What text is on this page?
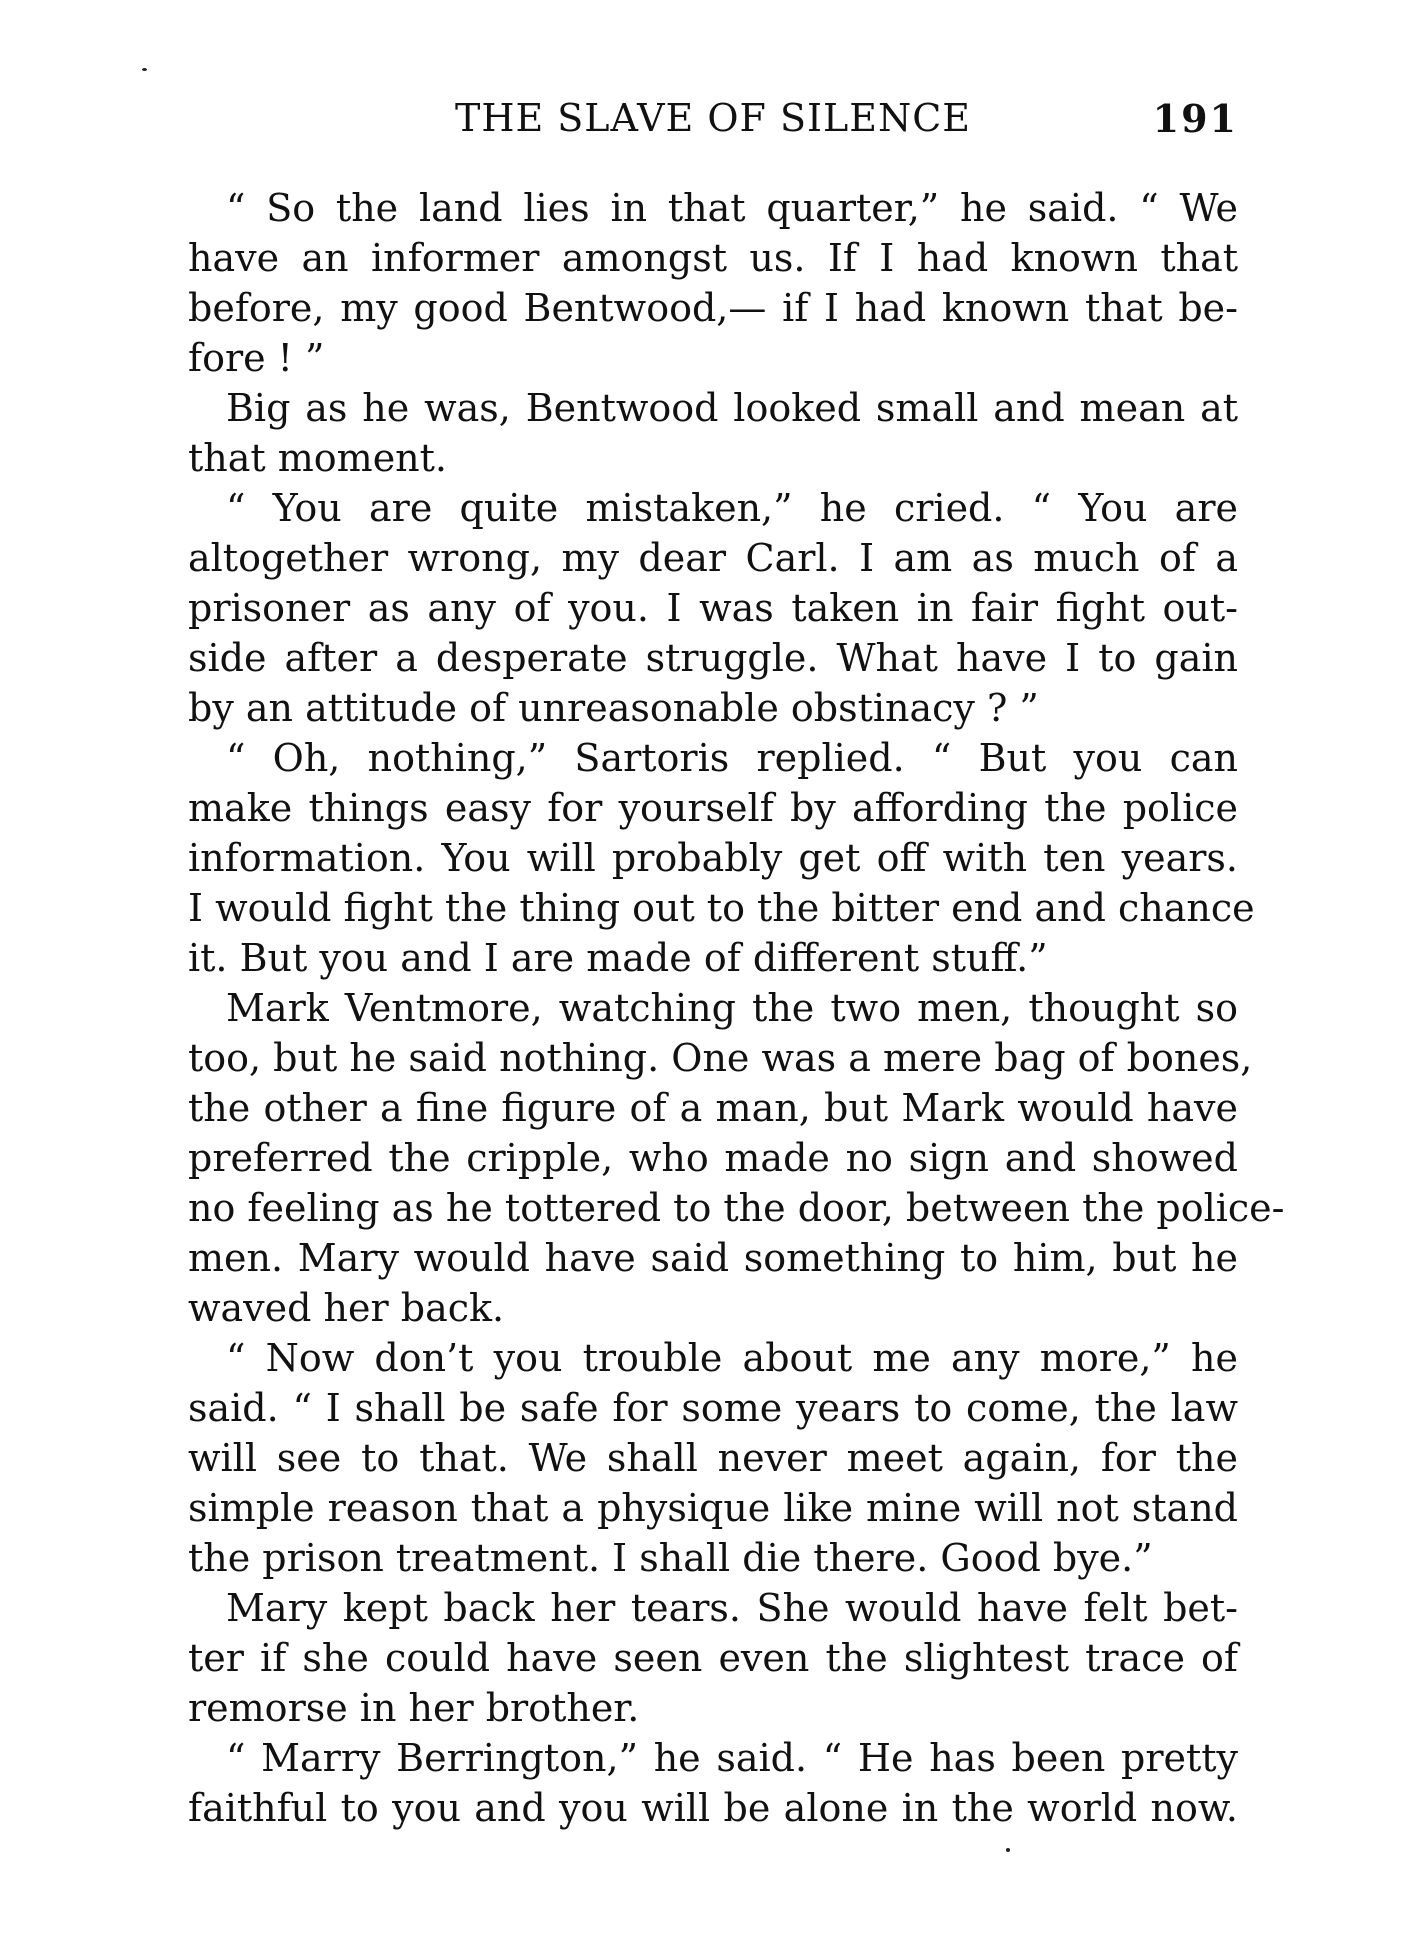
THE SLAVE OF SILENCE	191
“ So the land lies in that quarter,” he said. “ We
have an informer amongst us. If I had known that
before, my good Bentwood,— if I had known that be-
fore ! ”
Big as he was, Bentwood looked small and mean at
that moment.
“ You are quite mistaken,” he cried. “ You are
altogether wrong, my dear Carl. I am as much of a
prisoner as any of you. I was taken in fair fight out-
side after a desperate struggle. What have I to gain
by an attitude of unreasonable obstinacy ? ”
“ Oh, nothing,” Sartoris replied. “ But you can
make things easy for yourself by affording the police
information. You will probably get off with ten years.
I would fight the thing out to the bitter end and chance
it. But you and I are made of different stuff.”
Mark Ventmore, watching the two men, thought so
too, but he said nothing. One was a mere bag of bones,
the other a fine figure of a man, but Mark would have
preferred the cripple, who made no sign and showed
no feeling as he tottered to the door, between the police-
men. Mary would have said something to him, but he
waved her back.
“ Now don’t you trouble about me any more,” he
said. “ I shall be safe for some years to come, the law
will see to that. We shall never meet again, for the
simple reason that a physique like mine will not stand
the prison treatment. I shall die there. Good bye.”
Mary kept back her tears. She would have felt bet-
ter if she could have seen even the slightest trace of
remorse in her brother.
“ Marry Berrington,” he said. “ He has been pretty
faithful to you and you will be alone in the world now.
